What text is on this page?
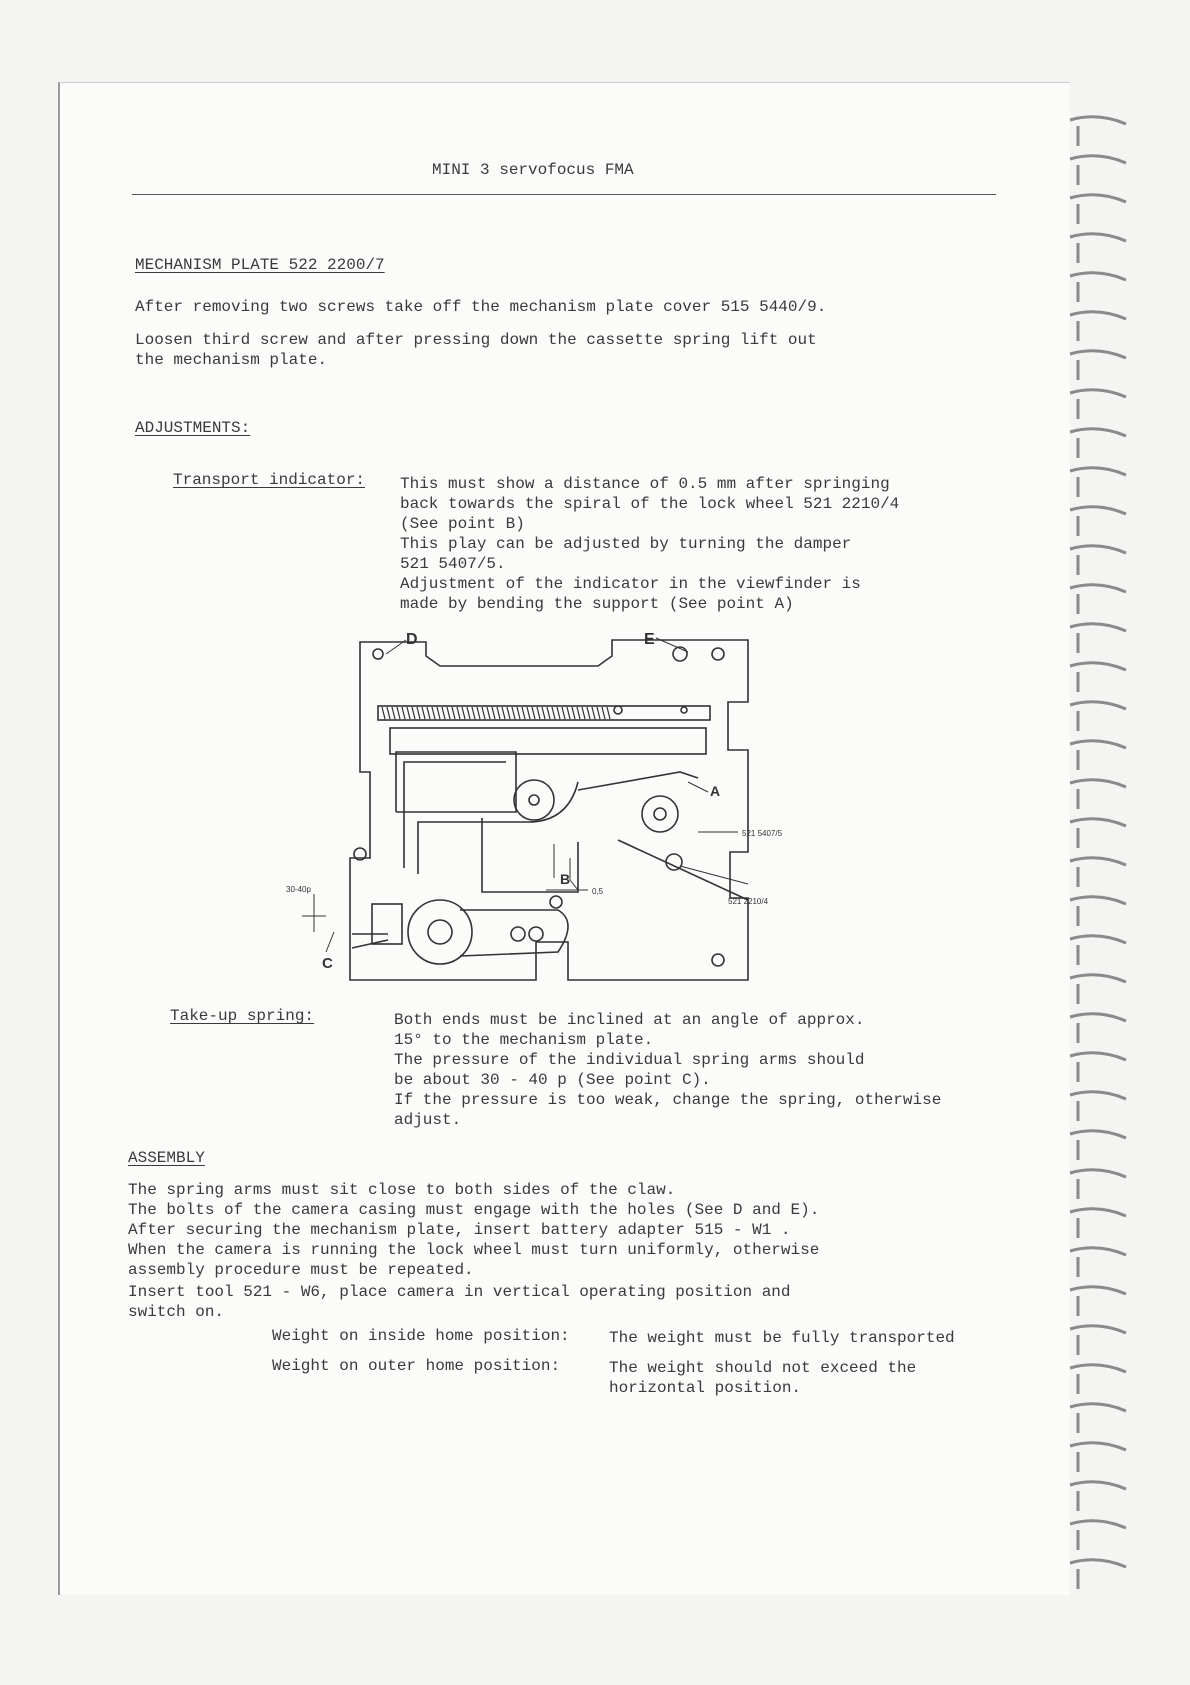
MINI 3 servofocus FMA
MECHANISM PLATE 522 2200/7
After removing two screws take off the mechanism plate cover 515 5440/9.
Loosen third screw and after pressing down the cassette spring lift out
the mechanism plate.
ADJUSTMENTS:
Transport indicator: This must show a distance of 0.5 mm after springing
back towards the spiral of the lock wheel 521 2210/4
(See point B)
This play can be adjusted by turning the damper
521 5407/5.
Adjustment of the indicator in the viewfinder is
made by bending the support (See point A)
D	E
A
B
C
521 5407/5
521 2210/4
0,5
30-40p
Take-up spring:	Both ends must be inclined at an angle of approx.
15° to the mechanism plate.
The pressure of the individual spring arms should
be about 30 - 40 p (See point C).
If the pressure is too weak, change the spring, otherwise
adjust.
ASSEMBLY
The spring arms must sit close to both sides of the claw.
The bolts of the camera casing must engage with the holes (See D and E).
After securing the mechanism plate, insert battery adapter 515 - W1 .
When the camera is running the lock wheel must turn uniformly, otherwise
assembly procedure must be repeated.
Insert tool 521 - W6, place camera in vertical operating position and
switch on.
Weight on inside home position: The weight must be fully transported
Weight on outer home position:	The weight should not exceed the
horizontal position.
